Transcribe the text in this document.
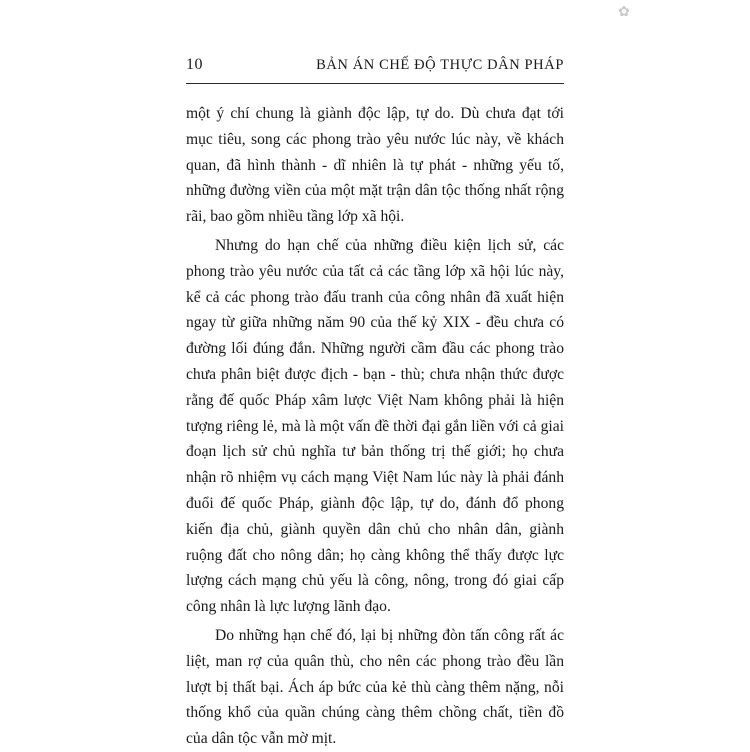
✿
10	BẢN ÁN CHẾ ĐỘ THỰC DÂN PHÁP

một ý chí chung là giành độc lập, tự do. Dù chưa đạt tới mục tiêu, song các phong trào yêu nước lúc này, về khách quan, đã hình thành - dĩ nhiên là tự phát - những yếu tố, những đường viền của một mặt trận dân tộc thống nhất rộng rãi, bao gồm nhiều tầng lớp xã hội.

Nhưng do hạn chế của những điều kiện lịch sử, các phong trào yêu nước của tất cả các tầng lớp xã hội lúc này, kể cả các phong trào đấu tranh của công nhân đã xuất hiện ngay từ giữa những năm 90 của thế kỷ XIX - đều chưa có đường lối đúng đắn. Những người cầm đầu các phong trào chưa phân biệt được địch - bạn - thù; chưa nhận thức được rằng đế quốc Pháp xâm lược Việt Nam không phải là hiện tượng riêng lẻ, mà là một vấn đề thời đại gắn liền với cả giai đoạn lịch sử chủ nghĩa tư bản thống trị thế giới; họ chưa nhận rõ nhiệm vụ cách mạng Việt Nam lúc này là phải đánh đuổi đế quốc Pháp, giành độc lập, tự do, đánh đổ phong kiến địa chủ, giành quyền dân chủ cho nhân dân, giành ruộng đất cho nông dân; họ càng không thể thấy được lực lượng cách mạng chủ yếu là công, nông, trong đó giai cấp công nhân là lực lượng lãnh đạo.

Do những hạn chế đó, lại bị những đòn tấn công rất ác liệt, man rợ của quân thù, cho nên các phong trào đều lần lượt bị thất bại. Ách áp bức của kẻ thù càng thêm nặng, nỗi thống khổ của quần chúng càng thêm chồng chất, tiền đồ của dân tộc vẫn mờ mịt.
